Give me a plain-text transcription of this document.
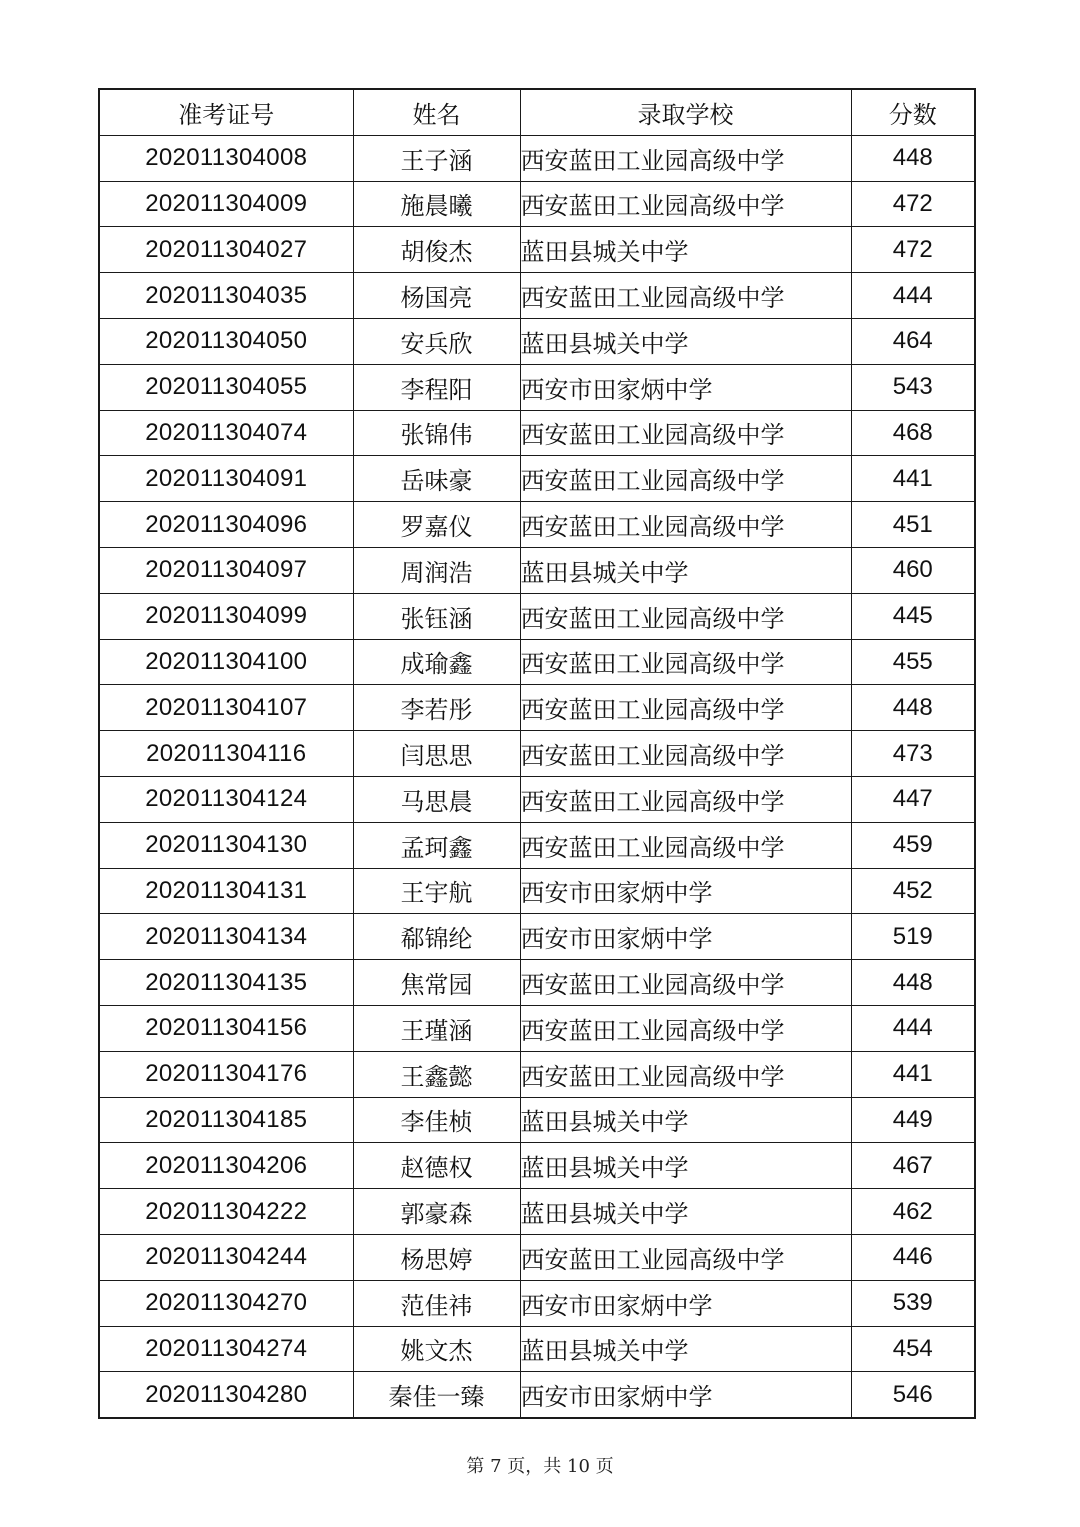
准考证号	姓名	录取学校	分数
202011304008	王子涵	西安蓝田工业园高级中学	448
202011304009	施晨曦	西安蓝田工业园高级中学	472
202011304027	胡俊杰	蓝田县城关中学	472
202011304035	杨国亮	西安蓝田工业园高级中学	444
202011304050	安兵欣	蓝田县城关中学	464
202011304055	李程阳	西安市田家炳中学	543
202011304074	张锦伟	西安蓝田工业园高级中学	468
202011304091	岳味豪	西安蓝田工业园高级中学	441
202011304096	罗嘉仪	西安蓝田工业园高级中学	451
202011304097	周润浩	蓝田县城关中学	460
202011304099	张钰涵	西安蓝田工业园高级中学	445
202011304100	成瑜鑫	西安蓝田工业园高级中学	455
202011304107	李若彤	西安蓝田工业园高级中学	448
202011304116	闫思思	西安蓝田工业园高级中学	473
202011304124	马思晨	西安蓝田工业园高级中学	447
202011304130	孟珂鑫	西安蓝田工业园高级中学	459
202011304131	王宇航	西安市田家炳中学	452
202011304134	郗锦纶	西安市田家炳中学	519
202011304135	焦常园	西安蓝田工业园高级中学	448
202011304156	王瑾涵	西安蓝田工业园高级中学	444
202011304176	王鑫懿	西安蓝田工业园高级中学	441
202011304185	李佳桢	蓝田县城关中学	449
202011304206	赵德权	蓝田县城关中学	467
202011304222	郭豪森	蓝田县城关中学	462
202011304244	杨思婷	西安蓝田工业园高级中学	446
202011304270	范佳祎	西安市田家炳中学	539
202011304274	姚文杰	蓝田县城关中学	454
202011304280	秦佳一臻	西安市田家炳中学	546
第 7 页，共 10 页
